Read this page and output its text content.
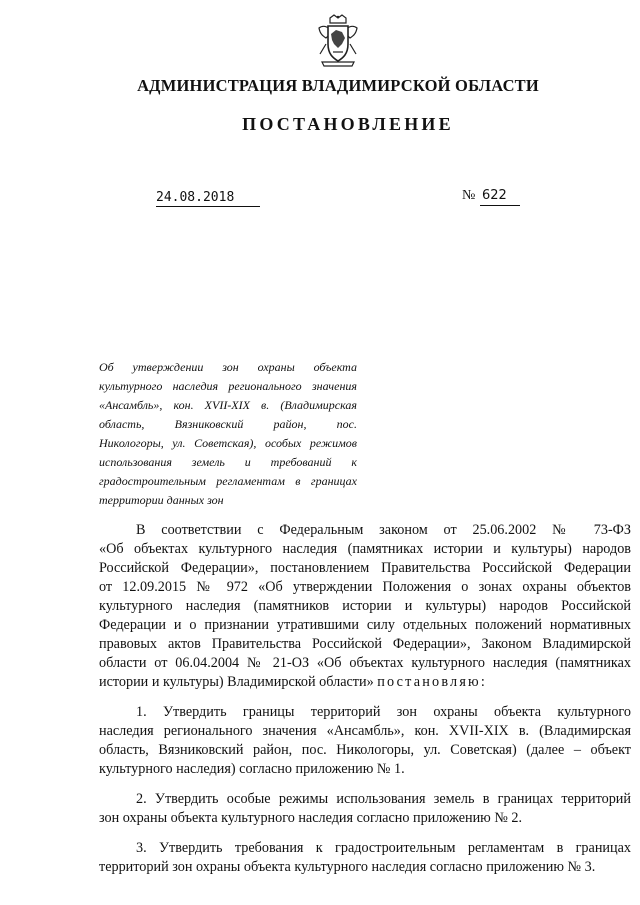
АДМИНИСТРАЦИЯ ВЛАДИМИРСКОЙ ОБЛАСТИ
ПОСТАНОВЛЕНИЕ
24.08.2018	№ 622
Об утверждении зон охраны объекта
культурного наследия регионального значения
«Ансамбль», кон. XVII-XIX в. (Владимирская
область, Вязниковский район, пос.
Никологоры, ул. Советская), особых режимов
использования земель и требований к
градостроительным регламентам в границах
территории данных зон
В соответствии с Федеральным законом от 25.06.2002 № 73-ФЗ
«Об объектах культурного наследия (памятниках истории и культуры) народов
Российской Федерации», постановлением Правительства Российской Федерации
от 12.09.2015 № 972 «Об утверждении Положения о зонах охраны объектов
культурного наследия (памятников истории и культуры) народов Российской
Федерации и о признании утратившими силу отдельных положений нормативных
правовых актов Правительства Российской Федерации», Законом Владимирской
области от 06.04.2004 № 21-ОЗ «Об объектах культурного наследия (памятниках
истории и культуры) Владимирской области» постановляю:
1. Утвердить границы территорий зон охраны объекта культурного
наследия регионального значения «Ансамбль», кон. XVII-XIX в. (Владимирская
область, Вязниковский район, пос. Никологоры, ул. Советская) (далее – объект
культурного наследия) согласно приложению № 1.
2. Утвердить особые режимы использования земель в границах территорий
зон охраны объекта культурного наследия согласно приложению № 2.
3. Утвердить требования к градостроительным регламентам в границах
территорий зон охраны объекта культурного наследия согласно приложению № 3.
